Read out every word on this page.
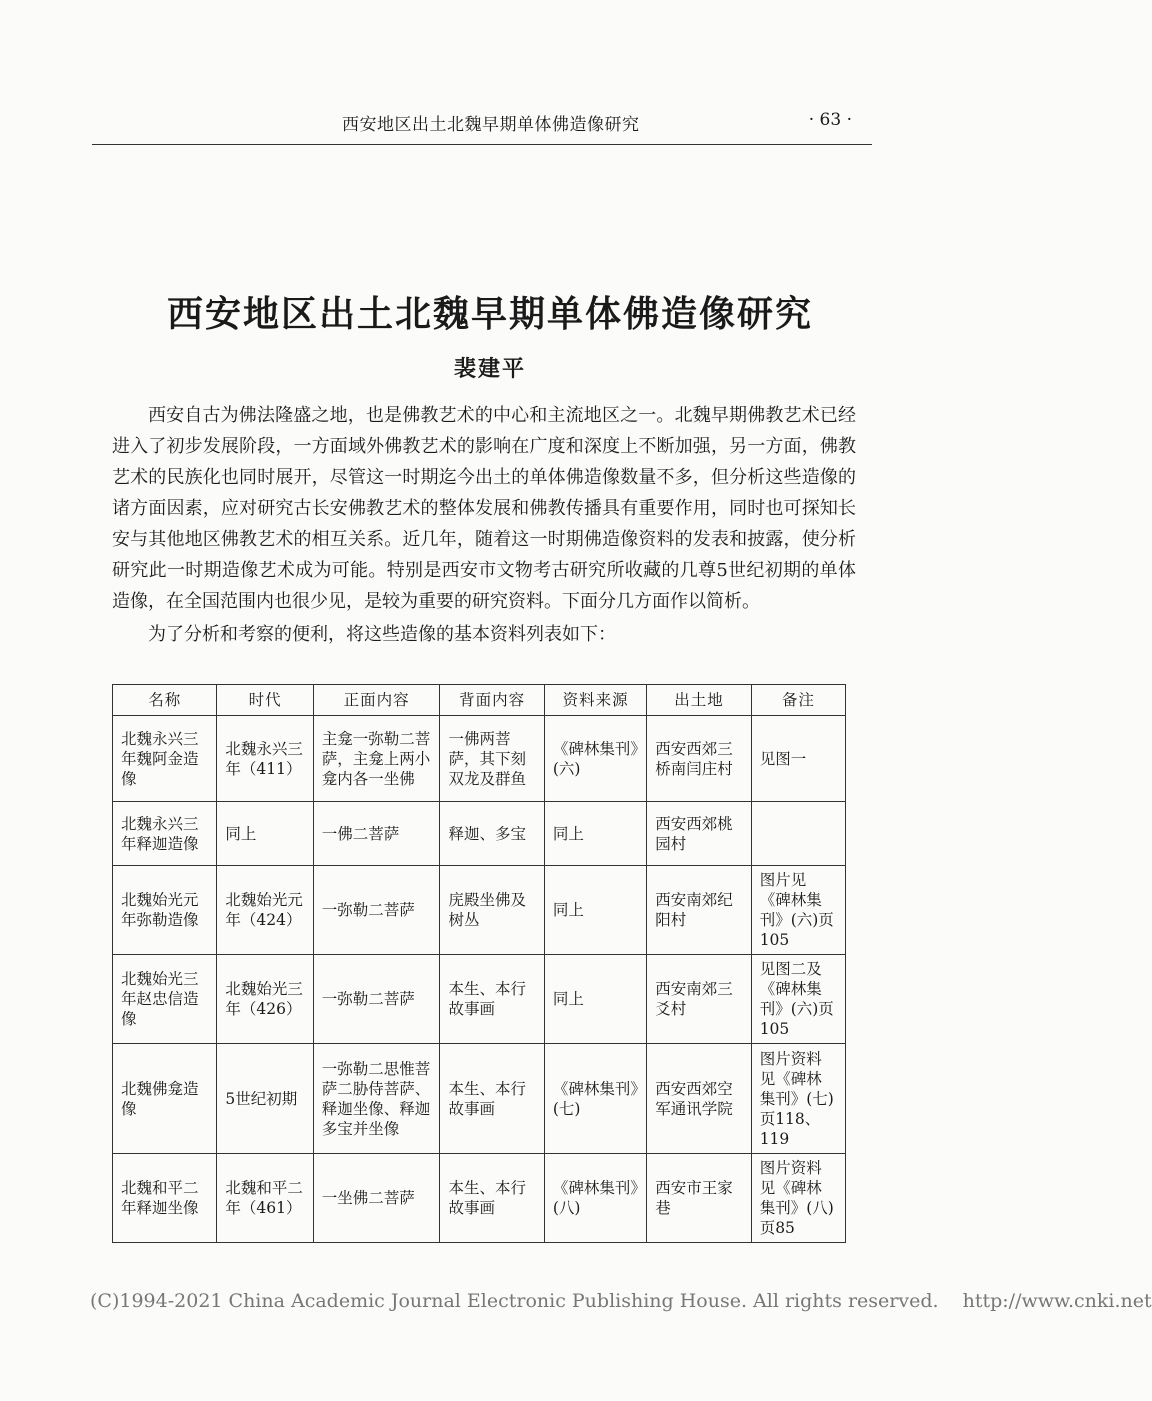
西安地区出土北魏早期单体佛造像研究	· 63 ·
西安地区出土北魏早期单体佛造像研究
裴建平

西安自古为佛法隆盛之地，也是佛教艺术的中心和主流地区之一。北魏早期佛教艺术已经进入了初步发展阶段，一方面域外佛教艺术的影响在广度和深度上不断加强，另一方面，佛教艺术的民族化也同时展开，尽管这一时期迄今出土的单体佛造像数量不多，但分析这些造像的诸方面因素，应对研究古长安佛教艺术的整体发展和佛教传播具有重要作用，同时也可探知长安与其他地区佛教艺术的相互关系。近几年，随着这一时期佛造像资料的发表和披露，使分析研究此一时期造像艺术成为可能。特别是西安市文物考古研究所收藏的几尊5世纪初期的单体造像，在全国范围内也很少见，是较为重要的研究资料。下面分几方面作以简析。

为了分析和考察的便利，将这些造像的基本资料列表如下：

名称	时代	正面内容	背面内容	资料来源	出土地	备注
北魏永兴三年魏阿金造像	北魏永兴三年（411）	主龛一弥勒二菩萨，主龛上两小龛内各一坐佛	一佛两菩萨，其下刻双龙及群鱼	《碑林集刊》(六)	西安西郊三桥南闫庄村	见图一
北魏永兴三年释迦造像	同上	一佛二菩萨	释迦、多宝	同上	西安西郊桃园村	
北魏始光元年弥勒造像	北魏始光元年（424）	一弥勒二菩萨	庑殿坐佛及树丛	同上	西安南郊纪阳村	图片见《碑林集刊》(六)页105
北魏始光三年赵忠信造像	北魏始光三年（426）	一弥勒二菩萨	本生、本行故事画	同上	西安南郊三爻村	见图二及《碑林集刊》(六)页105
北魏佛龛造像	5世纪初期	一弥勒二思惟菩萨二胁侍菩萨、释迦坐像、释迦多宝并坐像	本生、本行故事画	《碑林集刊》(七)	西安西郊空军通讯学院	图片资料见《碑林集刊》(七)页118、119
北魏和平二年释迦坐像	北魏和平二年（461）	一坐佛二菩萨	本生、本行故事画	《碑林集刊》(八)	西安市王家巷	图片资料见《碑林集刊》(八)页85
(C)1994-2021 China Academic Journal Electronic Publishing House. All rights reserved. http://www.cnki.net
